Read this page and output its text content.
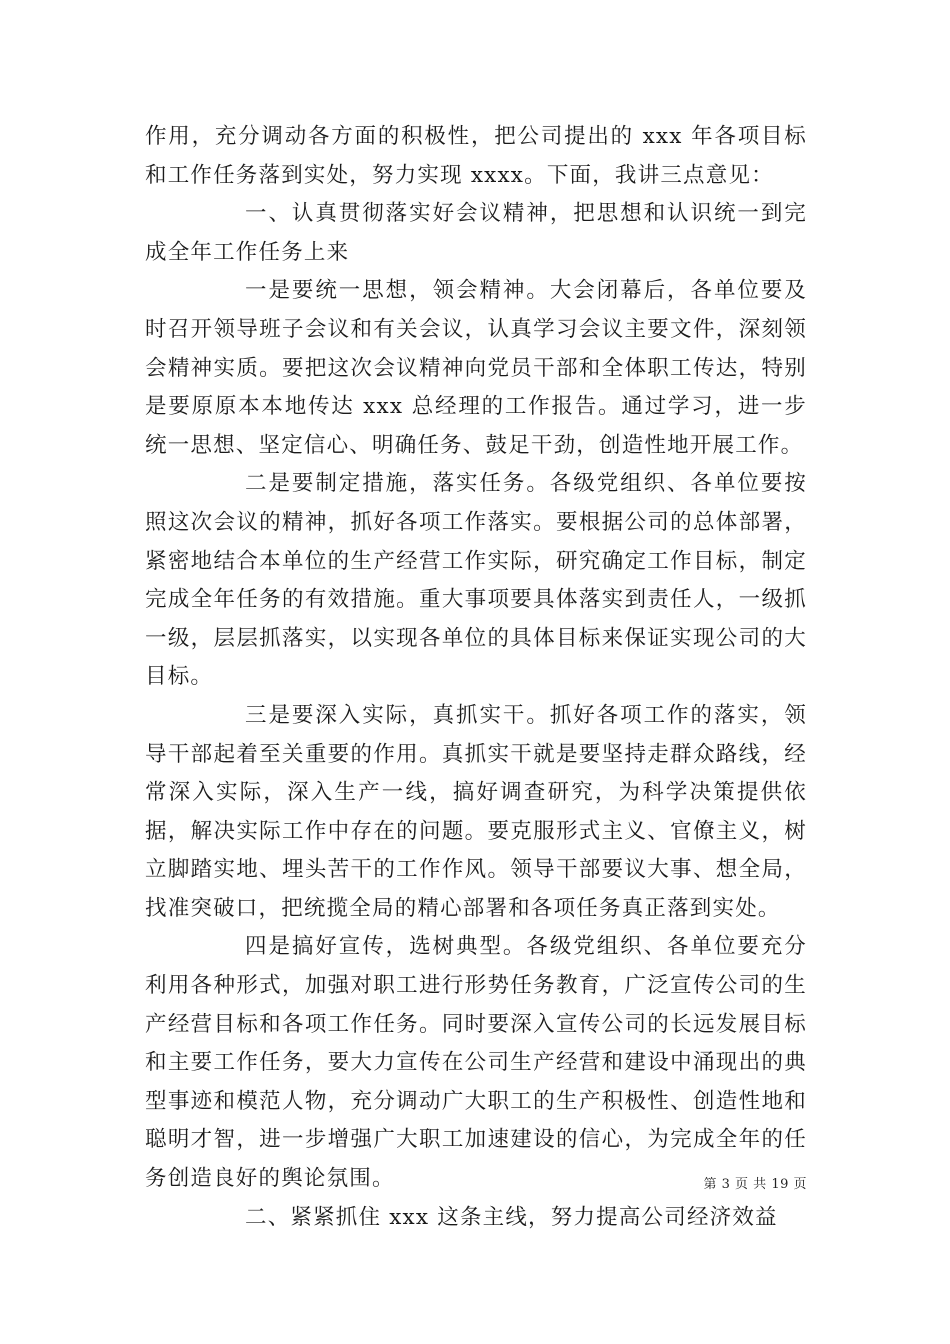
作用，充分调动各方面的积极性，把公司提出的 xxx 年各项目标和工作任务落到实处，努力实现 xxxx。下面，我讲三点意见：

一、认真贯彻落实好会议精神，把思想和认识统一到完成全年工作任务上来

一是要统一思想，领会精神。大会闭幕后，各单位要及时召开领导班子会议和有关会议，认真学习会议主要文件，深刻领会精神实质。要把这次会议精神向党员干部和全体职工传达，特别是要原原本本地传达 xxx 总经理的工作报告。通过学习，进一步统一思想、坚定信心、明确任务、鼓足干劲，创造性地开展工作。

二是要制定措施，落实任务。各级党组织、各单位要按照这次会议的精神，抓好各项工作落实。要根据公司的总体部署，紧密地结合本单位的生产经营工作实际，研究确定工作目标，制定完成全年任务的有效措施。重大事项要具体落实到责任人，一级抓一级，层层抓落实，以实现各单位的具体目标来保证实现公司的大目标。

三是要深入实际，真抓实干。抓好各项工作的落实，领导干部起着至关重要的作用。真抓实干就是要坚持走群众路线，经常深入实际，深入生产一线，搞好调查研究，为科学决策提供依据，解决实际工作中存在的问题。要克服形式主义、官僚主义，树立脚踏实地、埋头苦干的工作作风。领导干部要议大事、想全局，找准突破口，把统揽全局的精心部署和各项任务真正落到实处。

四是搞好宣传，选树典型。各级党组织、各单位要充分利用各种形式，加强对职工进行形势任务教育，广泛宣传公司的生产经营目标和各项工作任务。同时要深入宣传公司的长远发展目标和主要工作任务，要大力宣传在公司生产经营和建设中涌现出的典型事迹和模范人物，充分调动广大职工的生产积极性、创造性地和聪明才智，进一步增强广大职工加速建设的信心，为完成全年的任务创造良好的舆论氛围。

二、紧紧抓住 xxx 这条主线，努力提高公司经济效益

第 3 页 共 19 页
